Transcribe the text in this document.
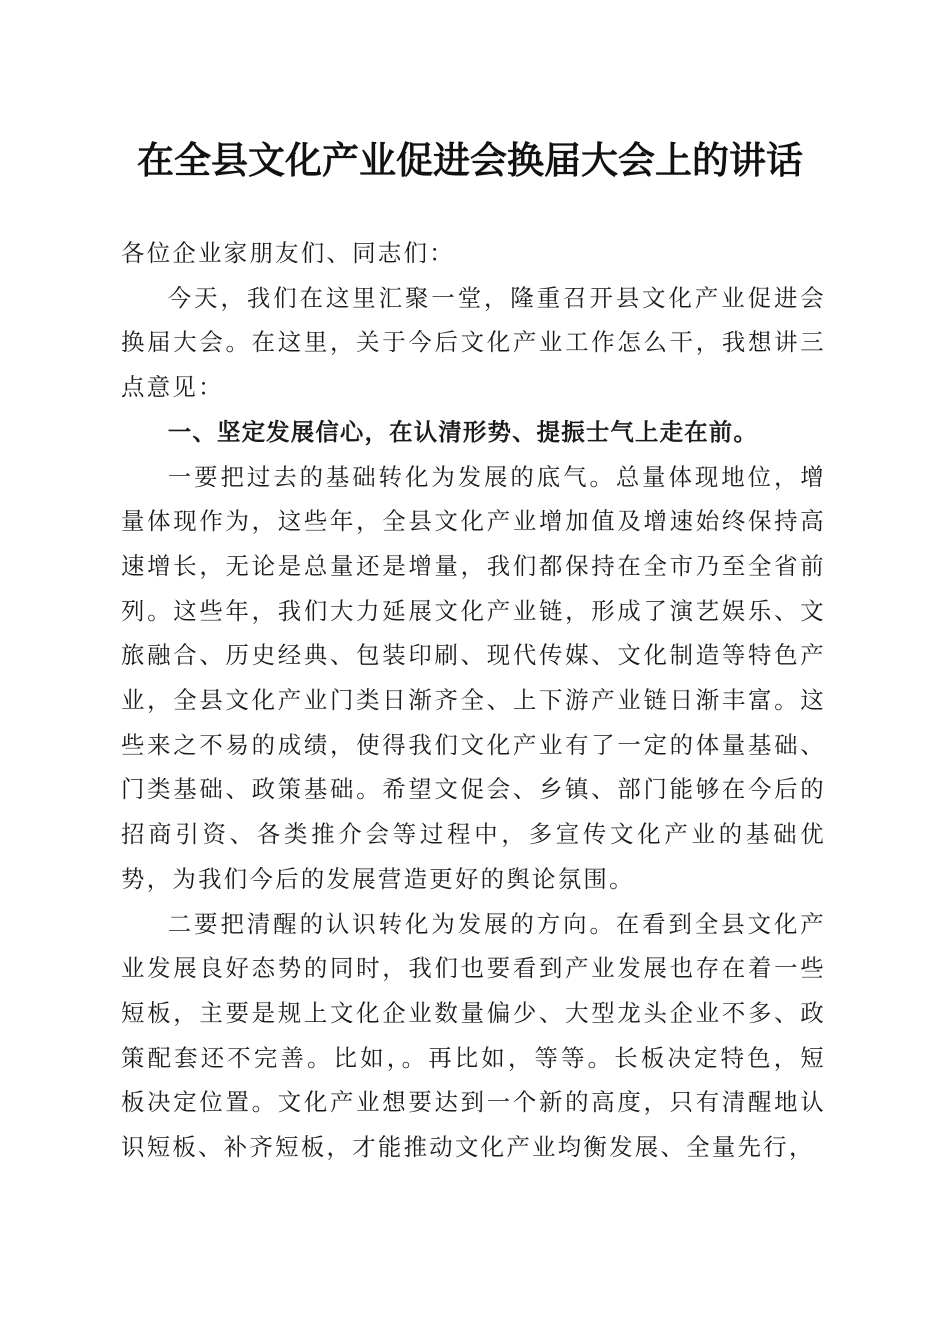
在全县文化产业促进会换届大会上的讲话

各位企业家朋友们、同志们：

今天，我们在这里汇聚一堂，隆重召开县文化产业促进会换届大会。在这里，关于今后文化产业工作怎么干，我想讲三点意见：

一、坚定发展信心，在认清形势、提振士气上走在前。

一要把过去的基础转化为发展的底气。总量体现地位，增量体现作为，这些年，全县文化产业增加值及增速始终保持高速增长，无论是总量还是增量，我们都保持在全市乃至全省前列。这些年，我们大力延展文化产业链，形成了演艺娱乐、文旅融合、历史经典、包装印刷、现代传媒、文化制造等特色产业，全县文化产业门类日渐齐全、上下游产业链日渐丰富。这些来之不易的成绩，使得我们文化产业有了一定的体量基础、门类基础、政策基础。希望文促会、乡镇、部门能够在今后的招商引资、各类推介会等过程中，多宣传文化产业的基础优势，为我们今后的发展营造更好的舆论氛围。

二要把清醒的认识转化为发展的方向。在看到全县文化产业发展良好态势的同时，我们也要看到产业发展也存在着一些短板，主要是规上文化企业数量偏少、大型龙头企业不多、政策配套还不完善。比如，。再比如，等等。长板决定特色，短板决定位置。文化产业想要达到一个新的高度，只有清醒地认识短板、补齐短板，才能推动文化产业均衡发展、全量先行，
